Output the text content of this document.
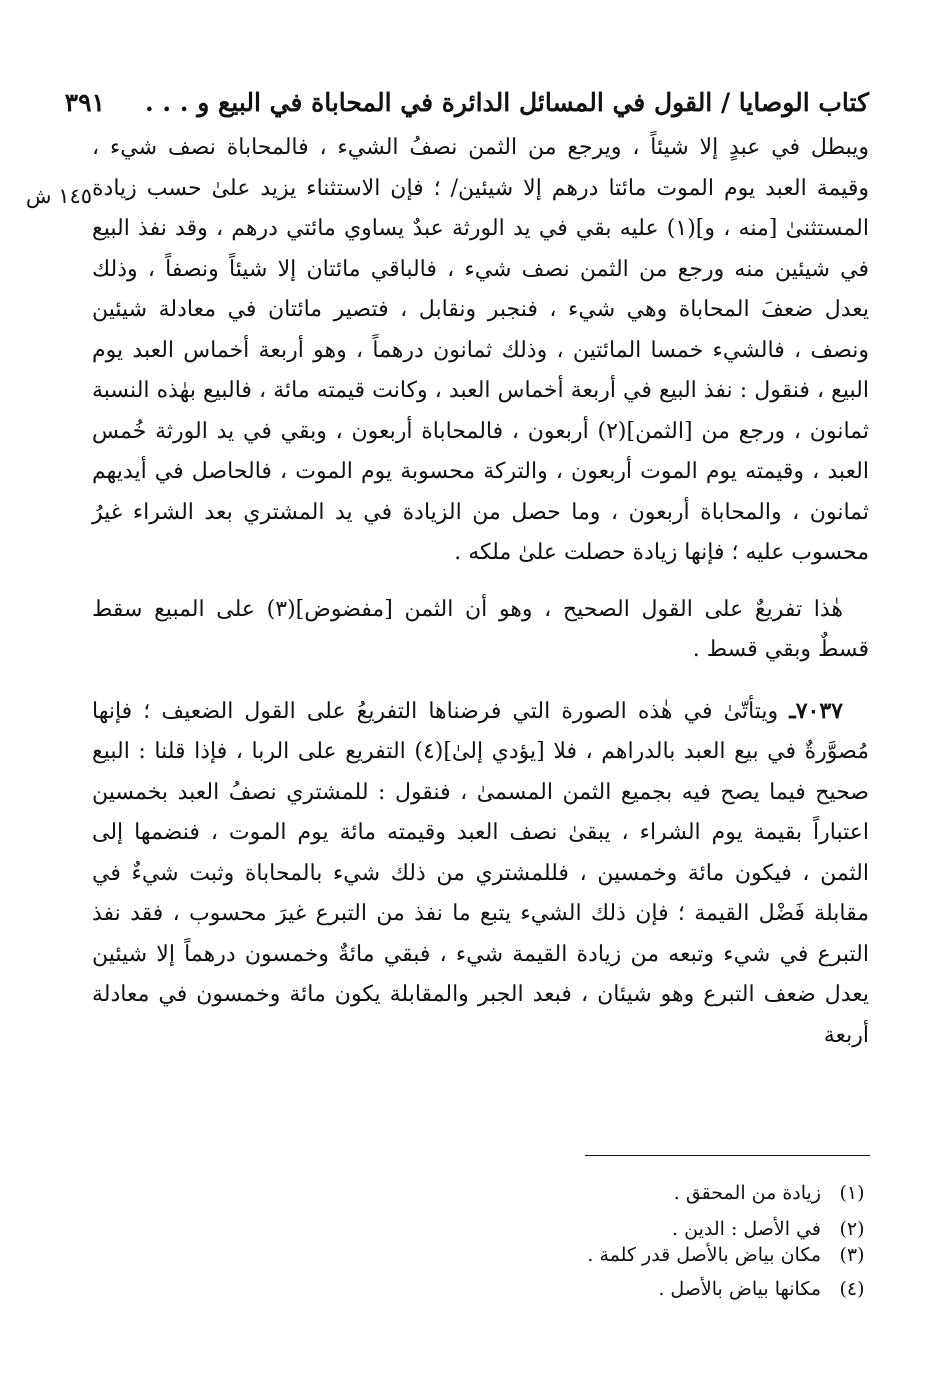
كتاب الوصايا / القول في المسائل الدائرة في المحاباة في البيع و . . .
٣٩١
١٤٥ ش

ويبطل في عبدٍ إلا شيئاً ، ويرجع من الثمن نصفُ الشيء ، فالمحاباة نصف شيء ، وقيمة العبد يوم الموت مائتا درهم إلا شيئين/ ؛ فإن الاستثناء يزيد علىٰ حسب زيادة المستثنىٰ [منه ، و](١) عليه بقي في يد الورثة عبدٌ يساوي مائتي درهم ، وقد نفذ البيع في شيئين منه ورجع من الثمن نصف شيء ، فالباقي مائتان إلا شيئاً ونصفاً ، وذلك يعدل ضعفَ المحاباة وهي شيء ، فنجبر ونقابل ، فتصير مائتان في معادلة شيئين ونصف ، فالشيء خمسا المائتين ، وذلك ثمانون درهماً ، وهو أربعة أخماس العبد يوم البيع ، فنقول : نفذ البيع في أربعة أخماس العبد ، وكانت قيمته مائة ، فالبيع بهٰذه النسبة ثمانون ، ورجع من [الثمن](٢) أربعون ، فالمحاباة أربعون ، وبقي في يد الورثة خُمس العبد ، وقيمته يوم الموت أربعون ، والتركة محسوبة يوم الموت ، فالحاصل في أيديهم ثمانون ، والمحاباة أربعون ، وما حصل من الزيادة في يد المشتري بعد الشراء غيرُ محسوب عليه ؛ فإنها زيادة حصلت علىٰ ملكه .

هٰذا تفريعٌ على القول الصحيح ، وهو أن الثمن [مفضوض](٣) على المبيع سقط قسطٌ وبقي قسط .

٧٠٣٧ـ ويتأتّىٰ في هٰذه الصورة التي فرضناها التفريعُ على القول الضعيف ؛ فإنها مُصوَّرةٌ في بيع العبد بالدراهم ، فلا [يؤدي إلىٰ](٤) التفريع على الربا ، فإذا قلنا : البيع صحيح فيما يصح فيه بجميع الثمن المسمىٰ ، فنقول : للمشتري نصفُ العبد بخمسين اعتباراً بقيمة يوم الشراء ، يبقىٰ نصف العبد وقيمته مائة يوم الموت ، فنضمها إلى الثمن ، فيكون مائة وخمسين ، فللمشتري من ذلك شيء بالمحاباة وثبت شيءٌ في مقابلة فَضْل القيمة ؛ فإن ذلك الشيء يتبع ما نفذ من التبرع غيرَ محسوب ، فقد نفذ التبرع في شيء وتبعه من زيادة القيمة شيء ، فبقي مائةٌ وخمسون درهماً إلا شيئين يعدل ضعف التبرع وهو شيئان ، فبعد الجبر والمقابلة يكون مائة وخمسون في معادلة أربعة

(١)
زيادة من المحقق .
(٢)
في الأصل : الدين .
(٣)
مكان بياض بالأصل قدر كلمة .
(٤)
مكانها بياض بالأصل .
